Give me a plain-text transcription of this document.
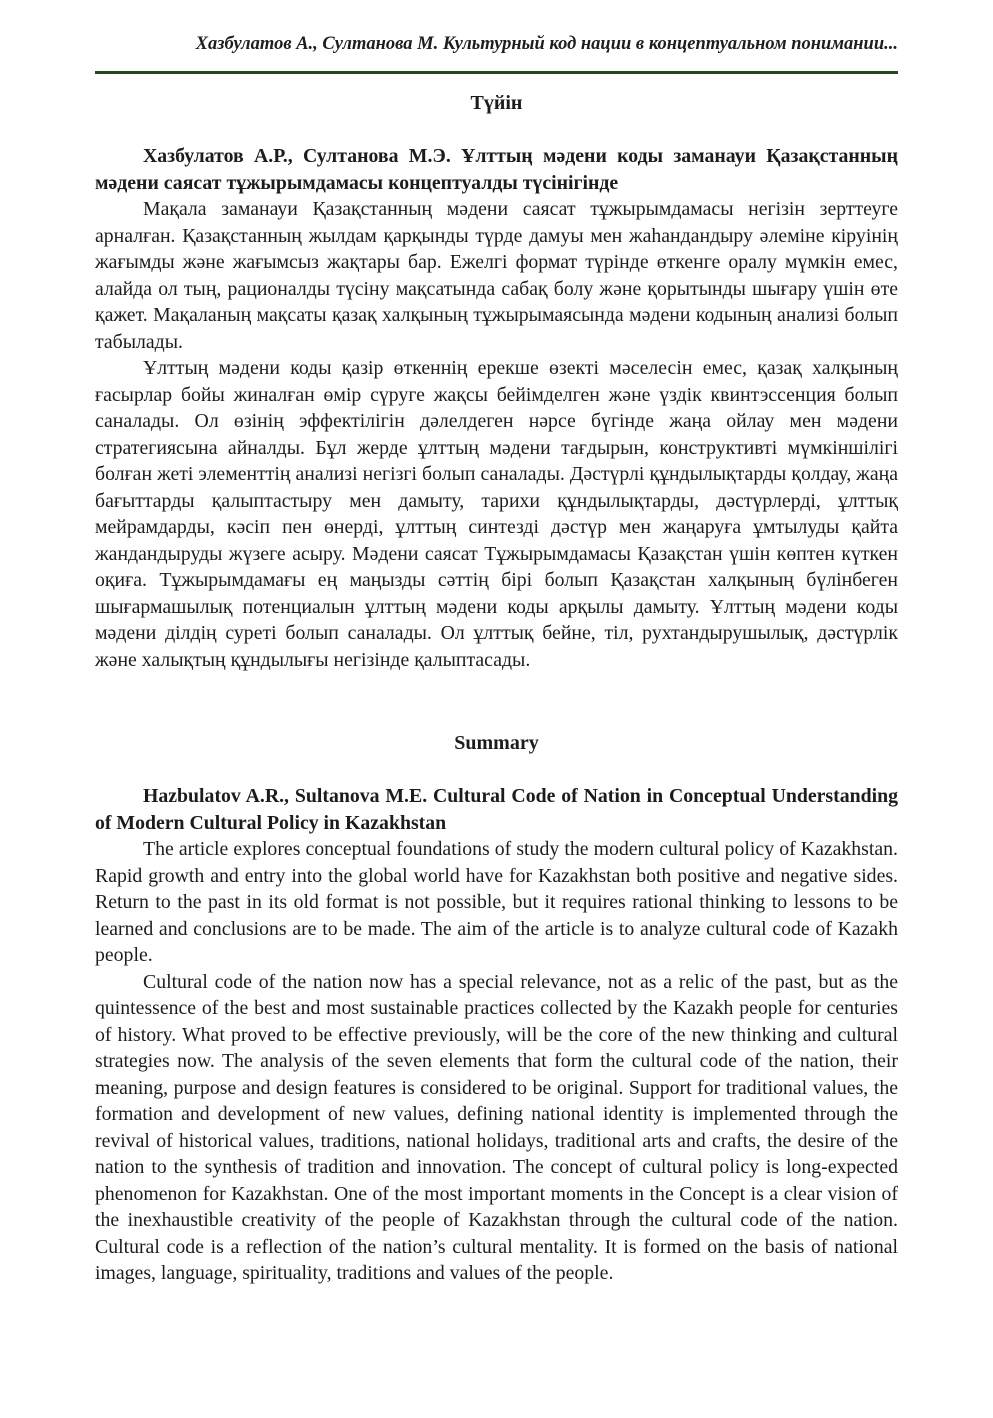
Хазбулатов А., Султанова М. Культурный код нации в концептуальном понимании...
Түйін

Хазбулатов А.Р., Султанова М.Э. Ұлттың мәдени коды заманауи Қазақстанның мәдени саясат тұжырымдамасы концептуалды түсінігінде

Мақала заманауи Қазақстанның мәдени саясат тұжырымдамасы негізін зерттеуге арналған. Қазақстанның жылдам қарқынды түрде дамуы мен жаһандандыру әлеміне кіруінің жағымды және жағымсыз жақтары бар. Ежелгі формат түрінде өткенге оралу мүмкін емес, алайда ол тың, рационалды түсіну мақсатында сабақ болу және қорытынды шығару үшін өте қажет. Мақаланың мақсаты қазақ халқының тұжырымаясында мәдени кодының анализі болып табылады.

Ұлттың мәдени коды қазір өткеннің ерекше өзекті мәселесін емес, қазақ халқының ғасырлар бойы жиналған өмір сүруге жақсы бейімделген және үздік квинтэссенция болып саналады. Ол өзінің эффектілігін дәлелдеген нәрсе бүгінде жаңа ойлау мен мәдени стратегиясына айналды. Бұл жерде ұлттың мәдени тағдырын, конструктивті мүмкіншілігі болған жеті элементтің анализі негізгі болып саналады. Дәстүрлі құндылықтарды қолдау, жаңа бағыттарды қалыптастыру мен дамыту, тарихи құндылықтарды, дәстүрлерді, ұлттық мейрамдарды, кәсіп пен өнерді, ұлттың синтезді дәстүр мен жаңаруға ұмтылуды қайта жандандыруды жүзеге асыру. Мәдени саясат Тұжырымдамасы Қазақстан үшін көптен күткен оқиға. Тұжырымдамағы ең маңызды сәттің бірі болып Қазақстан халқының бүлінбеген шығармашылық потенциалын ұлттың мәдени коды арқылы дамыту. Ұлттың мәдени коды мәдени ділдің суреті болып саналады. Ол ұлттық бейне, тіл, рухтандырушылық, дәстүрлік және халықтың құндылығы негізінде қалыптасады.

Summary

Hazbulatov A.R., Sultanova M.E. Cultural Code of Nation in Conceptual Understanding of Modern Cultural Policy in Kazakhstan

The article explores conceptual foundations of study the modern cultural policy of Kazakhstan. Rapid growth and entry into the global world have for Kazakhstan both positive and negative sides. Return to the past in its old format is not possible, but it requires rational thinking to lessons to be learned and conclusions are to be made. The aim of the article is to analyze cultural code of Kazakh people.

Cultural code of the nation now has a special relevance, not as a relic of the past, but as the quintessence of the best and most sustainable practices collected by the Kazakh people for centuries of history. What proved to be effective previously, will be the core of the new thinking and cultural strategies now. The analysis of the seven elements that form the cultural code of the nation, their meaning, purpose and design features is considered to be original. Support for traditional values, the formation and development of new values, defining national identity is implemented through the revival of historical values, traditions, national holidays, traditional arts and crafts, the desire of the nation to the synthesis of tradition and innovation. The concept of cultural policy is long-expected phenomenon for Kazakhstan. One of the most important moments in the Concept is a clear vision of the inexhaustible creativity of the people of Kazakhstan through the cultural code of the nation. Cultural code is a reflection of the nation’s cultural mentality. It is formed on the basis of national images, language, spirituality, traditions and values of the people.
